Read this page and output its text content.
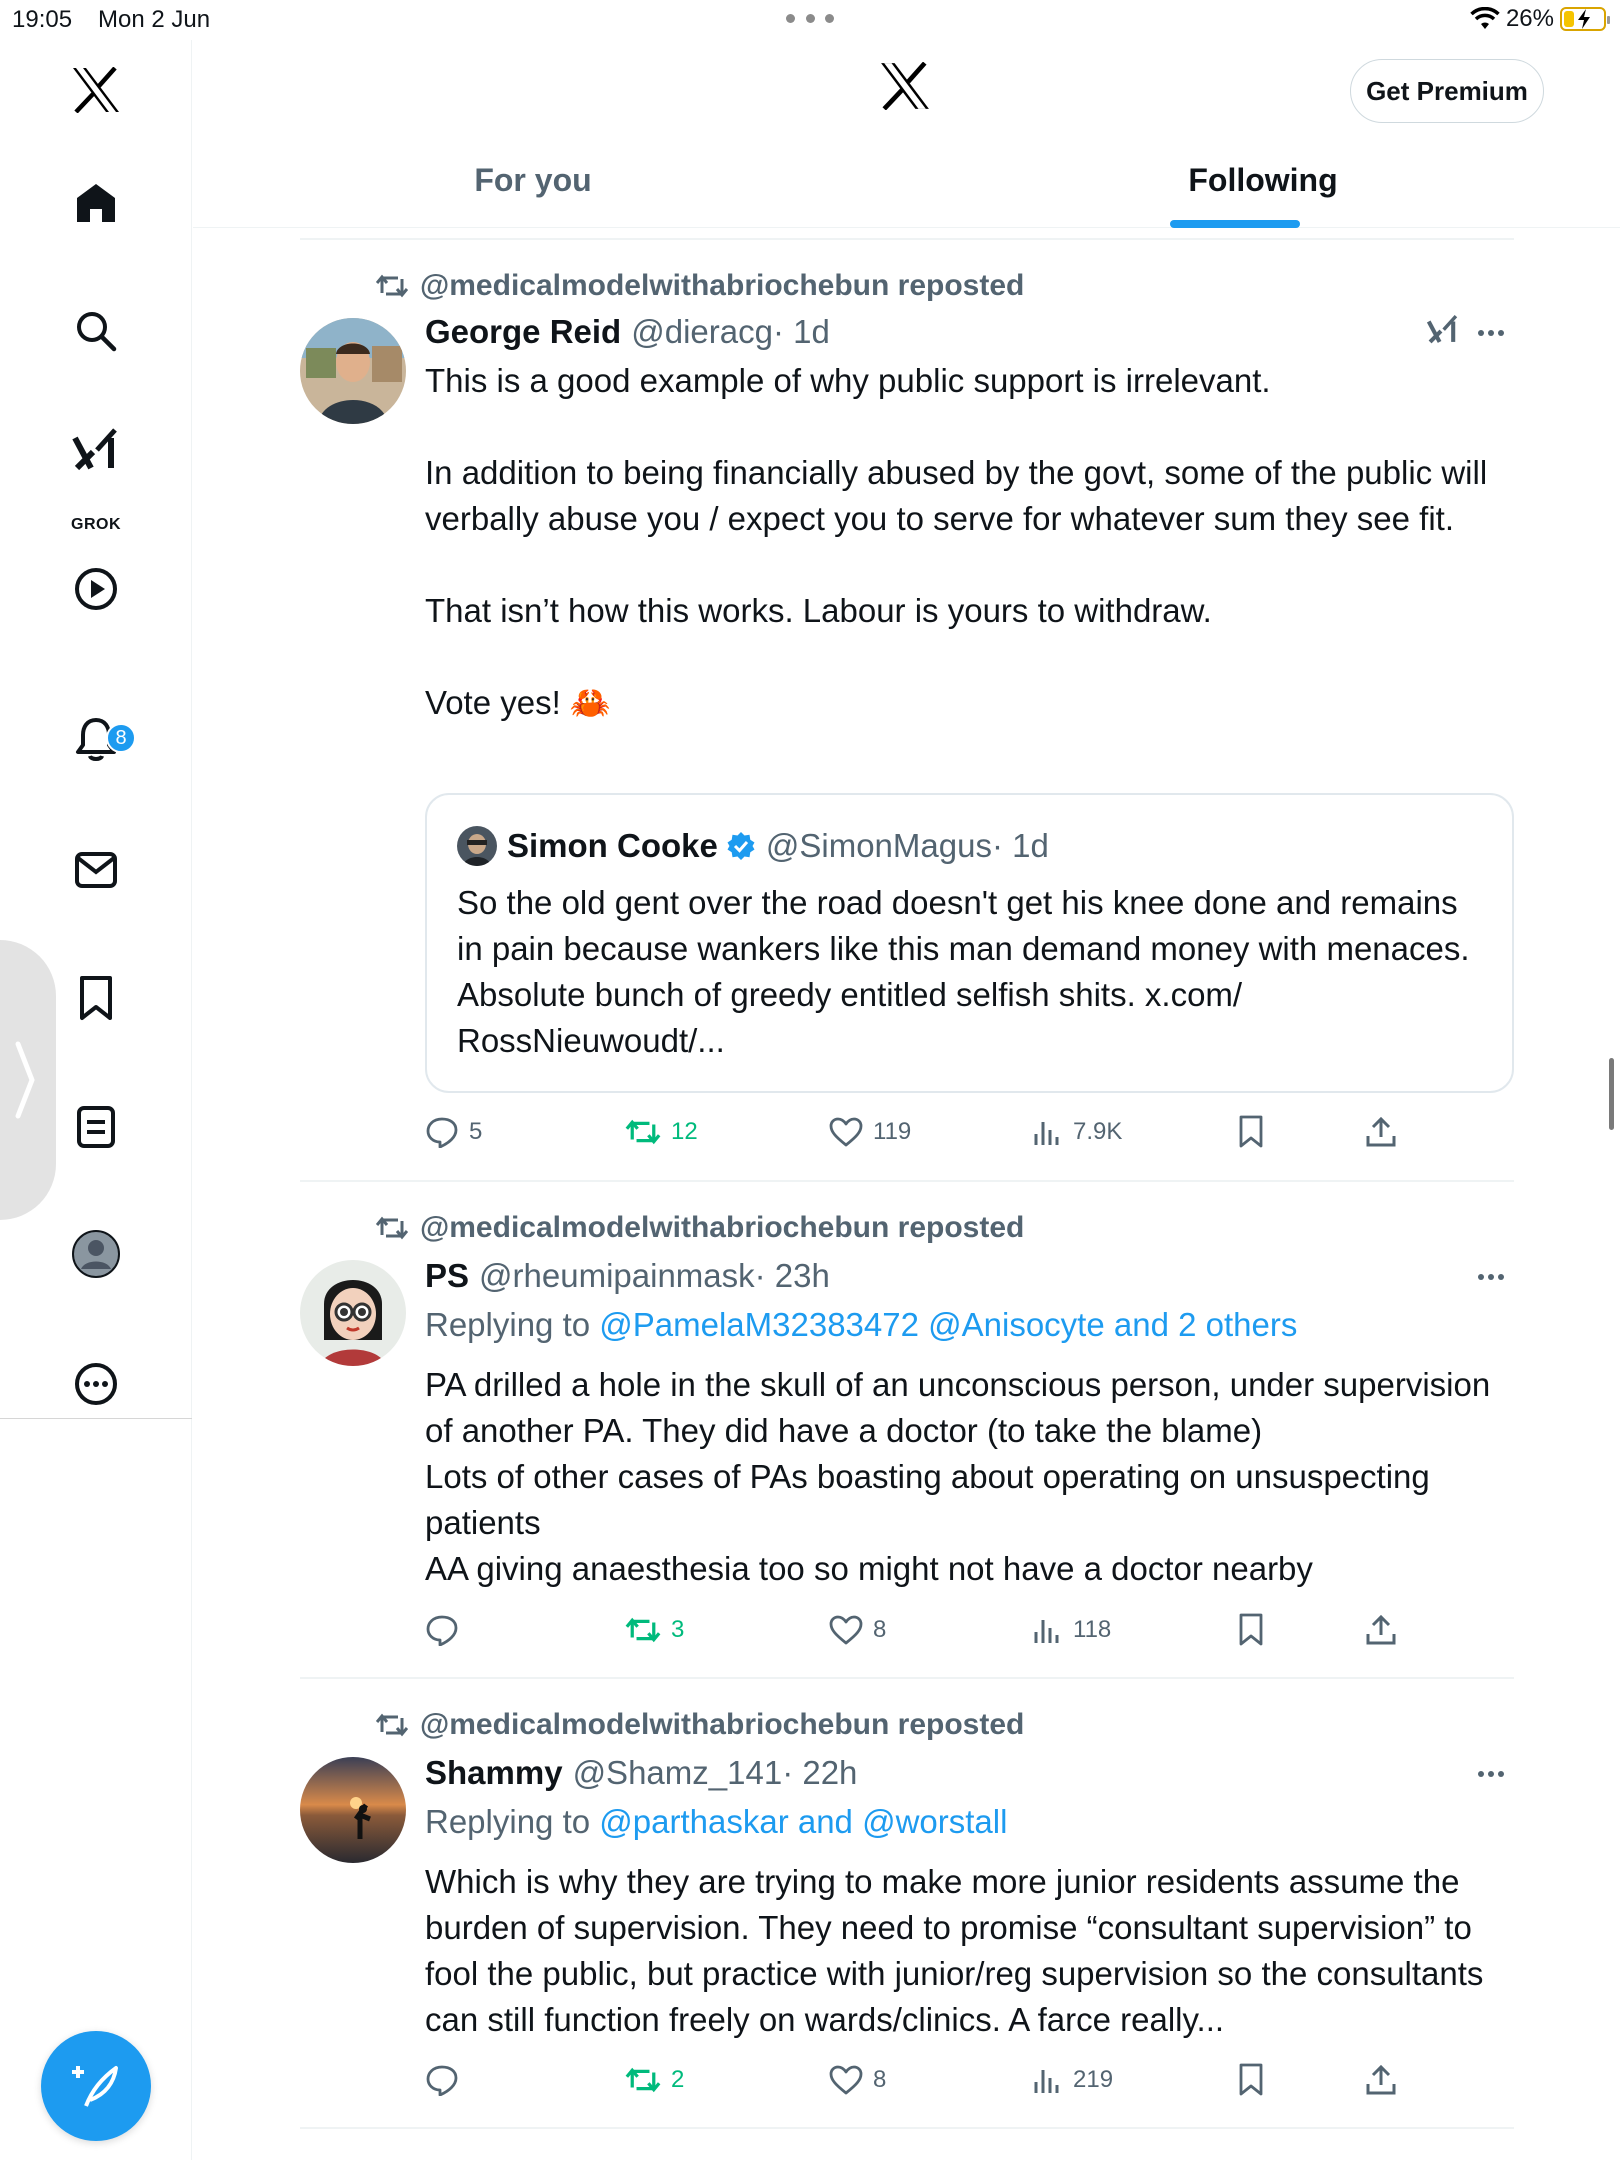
19:05 Mon 2 Jun	26%
GROK
8
Get Premium
For you	Following
@medicalmodelwithabriochebun reposted
George Reid @dieracg · 1d
This is a good example of why public support is irrelevant.

In addition to being financially abused by the govt, some of the public will verbally abuse you / expect you to serve for whatever sum they see fit.

That isn’t how this works. Labour is yours to withdraw.

Vote yes! 🦀
Simon Cooke @SimonMagus · 1d
So the old gent over the road doesn't get his knee done and remains in pain because wankers like this man demand money with menaces. Absolute bunch of greedy entitled selfish shits. x.com/ RossNieuwoudt/...
5	12	119	7.9K
@medicalmodelwithabriochebun reposted
PS @rheumipainmask · 23h
Replying to @PamelaM32383472 @Anisocyte and 2 others
PA drilled a hole in the skull of an unconscious person, under supervision of another PA. They did have a doctor (to take the blame)
Lots of other cases of PAs boasting about operating on unsuspecting patients
AA giving anaesthesia too so might not have a doctor nearby
3	8	118
@medicalmodelwithabriochebun reposted
Shammy @Shamz_141 · 22h
Replying to @parthaskar and @worstall
Which is why they are trying to make more junior residents assume the burden of supervision. They need to promise “consultant supervision” to fool the public, but practice with junior/reg supervision so the consultants can still function freely on wards/clinics. A farce really...
2	8	219
